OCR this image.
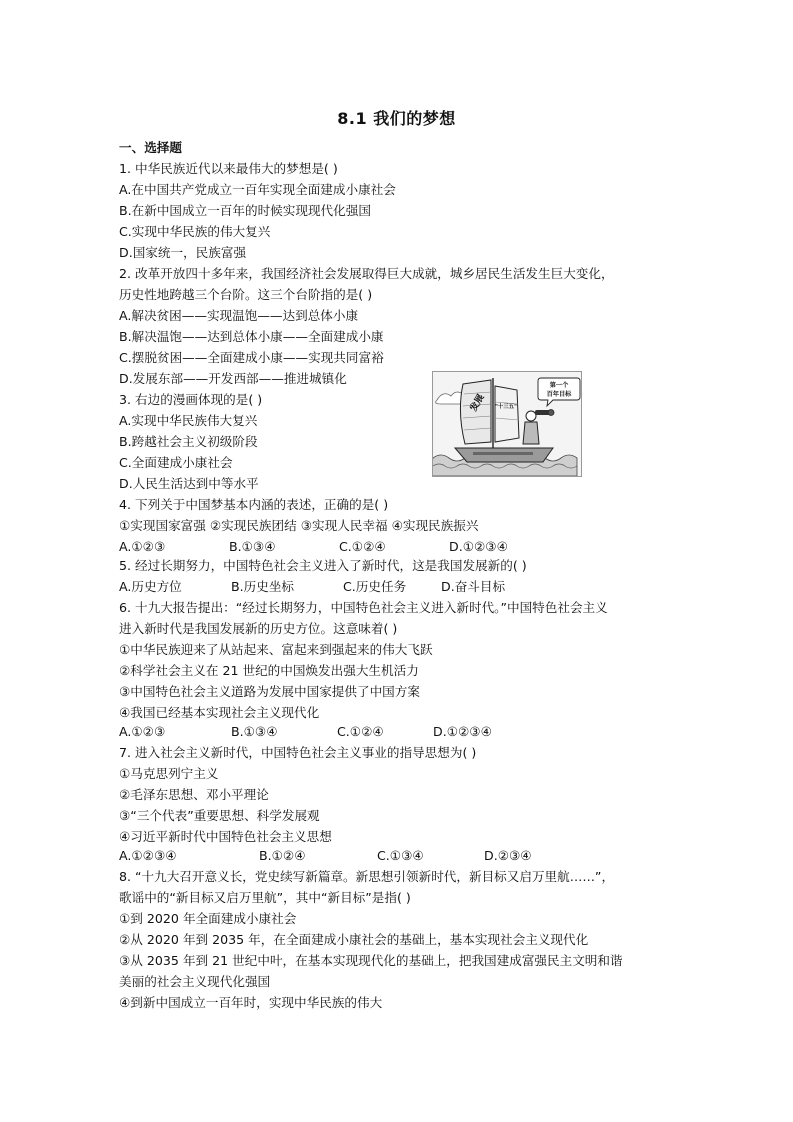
8.1 我们的梦想
一、选择题
1. 中华民族近代以来最伟大的梦想是( )
A.在中国共产党成立一百年实现全面建成小康社会
B.在新中国成立一百年的时候实现现代化强国
C.实现中华民族的伟大复兴
D.国家统一，民族富强
2. 改革开放四十多年来，我国经济社会发展取得巨大成就，城乡居民生活发生巨大变化，
历史性地跨越三个台阶。这三个台阶指的是( )
A.解决贫困——实现温饱——达到总体小康
B.解决温饱——达到总体小康——全面建成小康
C.摆脱贫困——全面建成小康——实现共同富裕
D.发展东部——开发西部——推进城镇化
3. 右边的漫画体现的是( )
A.实现中华民族伟大复兴
B.跨越社会主义初级阶段
C.全面建成小康社会
D.人民生活达到中等水平
第一个
百年目标
发展 "十三五"
4. 下列关于中国梦基本内涵的表述，正确的是( )
①实现国家富强 ②实现民族团结 ③实现人民幸福 ④实现民族振兴
A.①②③	B.①③④	C.①②④	D.①②③④
5. 经过长期努力，中国特色社会主义进入了新时代，这是我国发展新的( )
A.历史方位	B.历史坐标	C.历史任务	D.奋斗目标
6. 十九大报告提出：“经过长期努力，中国特色社会主义进入新时代。”中国特色社会主义
进入新时代是我国发展新的历史方位。这意味着( )
①中华民族迎来了从站起来、富起来到强起来的伟大飞跃
②科学社会主义在 21 世纪的中国焕发出强大生机活力
③中国特色社会主义道路为发展中国家提供了中国方案
④我国已经基本实现社会主义现代化
A.①②③	B.①③④	C.①②④	D.①②③④
7. 进入社会主义新时代，中国特色社会主义事业的指导思想为( )
①马克思列宁主义
②毛泽东思想、邓小平理论
③“三个代表”重要思想、科学发展观
④习近平新时代中国特色社会主义思想
A.①②③④	B.①②④	C.①③④	D.②③④
8. “十九大召开意义长，党史续写新篇章。新思想引领新时代，新目标又启万里航……”，
歌谣中的“新目标又启万里航”，其中“新目标”是指( )
①到 2020 年全面建成小康社会
②从 2020 年到 2035 年，在全面建成小康社会的基础上，基本实现社会主义现代化
③从 2035 年到 21 世纪中叶，在基本实现现代化的基础上，把我国建成富强民主文明和谐
美丽的社会主义现代化强国
④到新中国成立一百年时，实现中华民族的伟大
